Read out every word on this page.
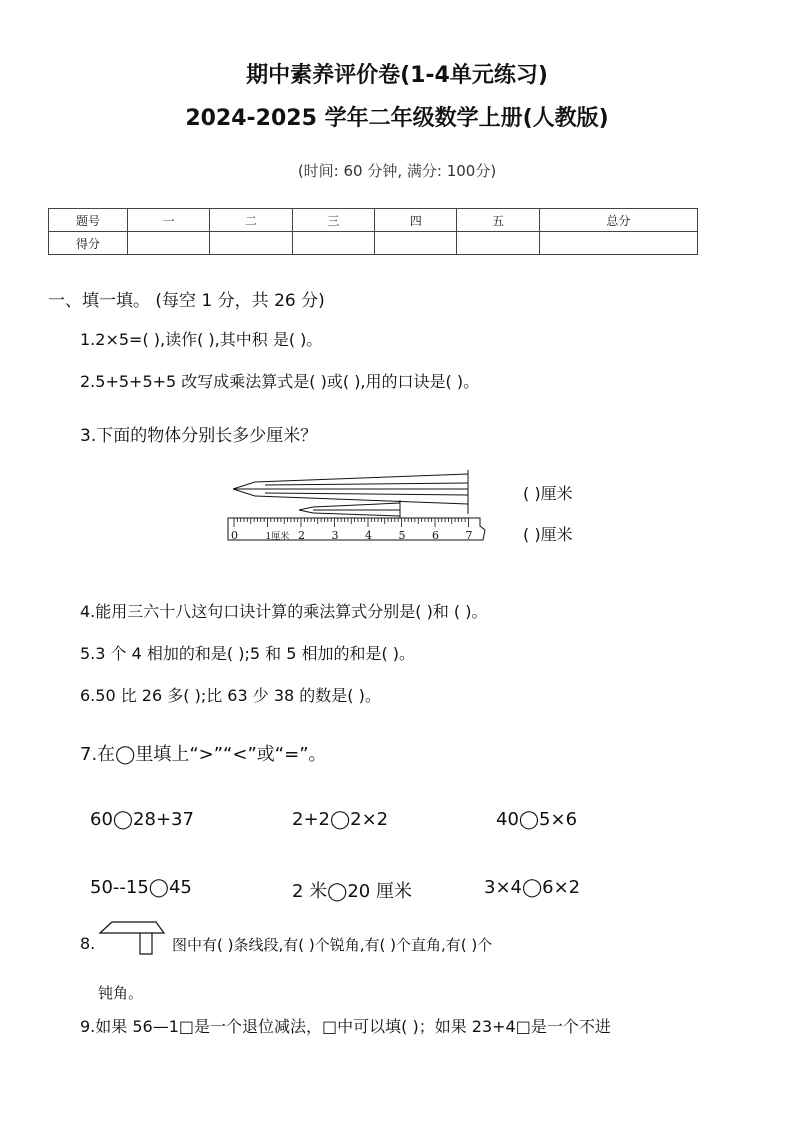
期中素养评价卷(1-4单元练习)
2024-2025 学年二年级数学上册(人教版)
(时间: 60 分钟, 满分: 100分)
题号	一	二	三	四	五	总分
得分						
一、填一填。 (每空 1 分，共 26 分)
1.2×5=( ),读作( ),其中积 是( )。
2.5+5+5+5 改写成乘法算式是( )或( ),用的口诀是( )。
3.下面的物体分别长多少厘米？
0	1厘米 2 3 4 5 6 7
( )厘米
( )厘米
4.能用三六十八这句口诀计算的乘法算式分别是( )和 ( )。
5.3 个 4 相加的和是( );5 和 5 相加的和是( )。
6.50 比 26 多( );比 63 少 38 的数是( )。
7.在◯里填上“>”“<”或“=”。
60◯28+37	2+2◯2×2	40◯5×6
50--15◯45	2 米◯20 厘米	3×4◯6×2
8.	图中有( )条线段,有( )个锐角,有( )个直角,有( )个
钝角。
9.如果 56—1□是一个退位减法，□中可以填( )；如果 23+4□是一个不进
